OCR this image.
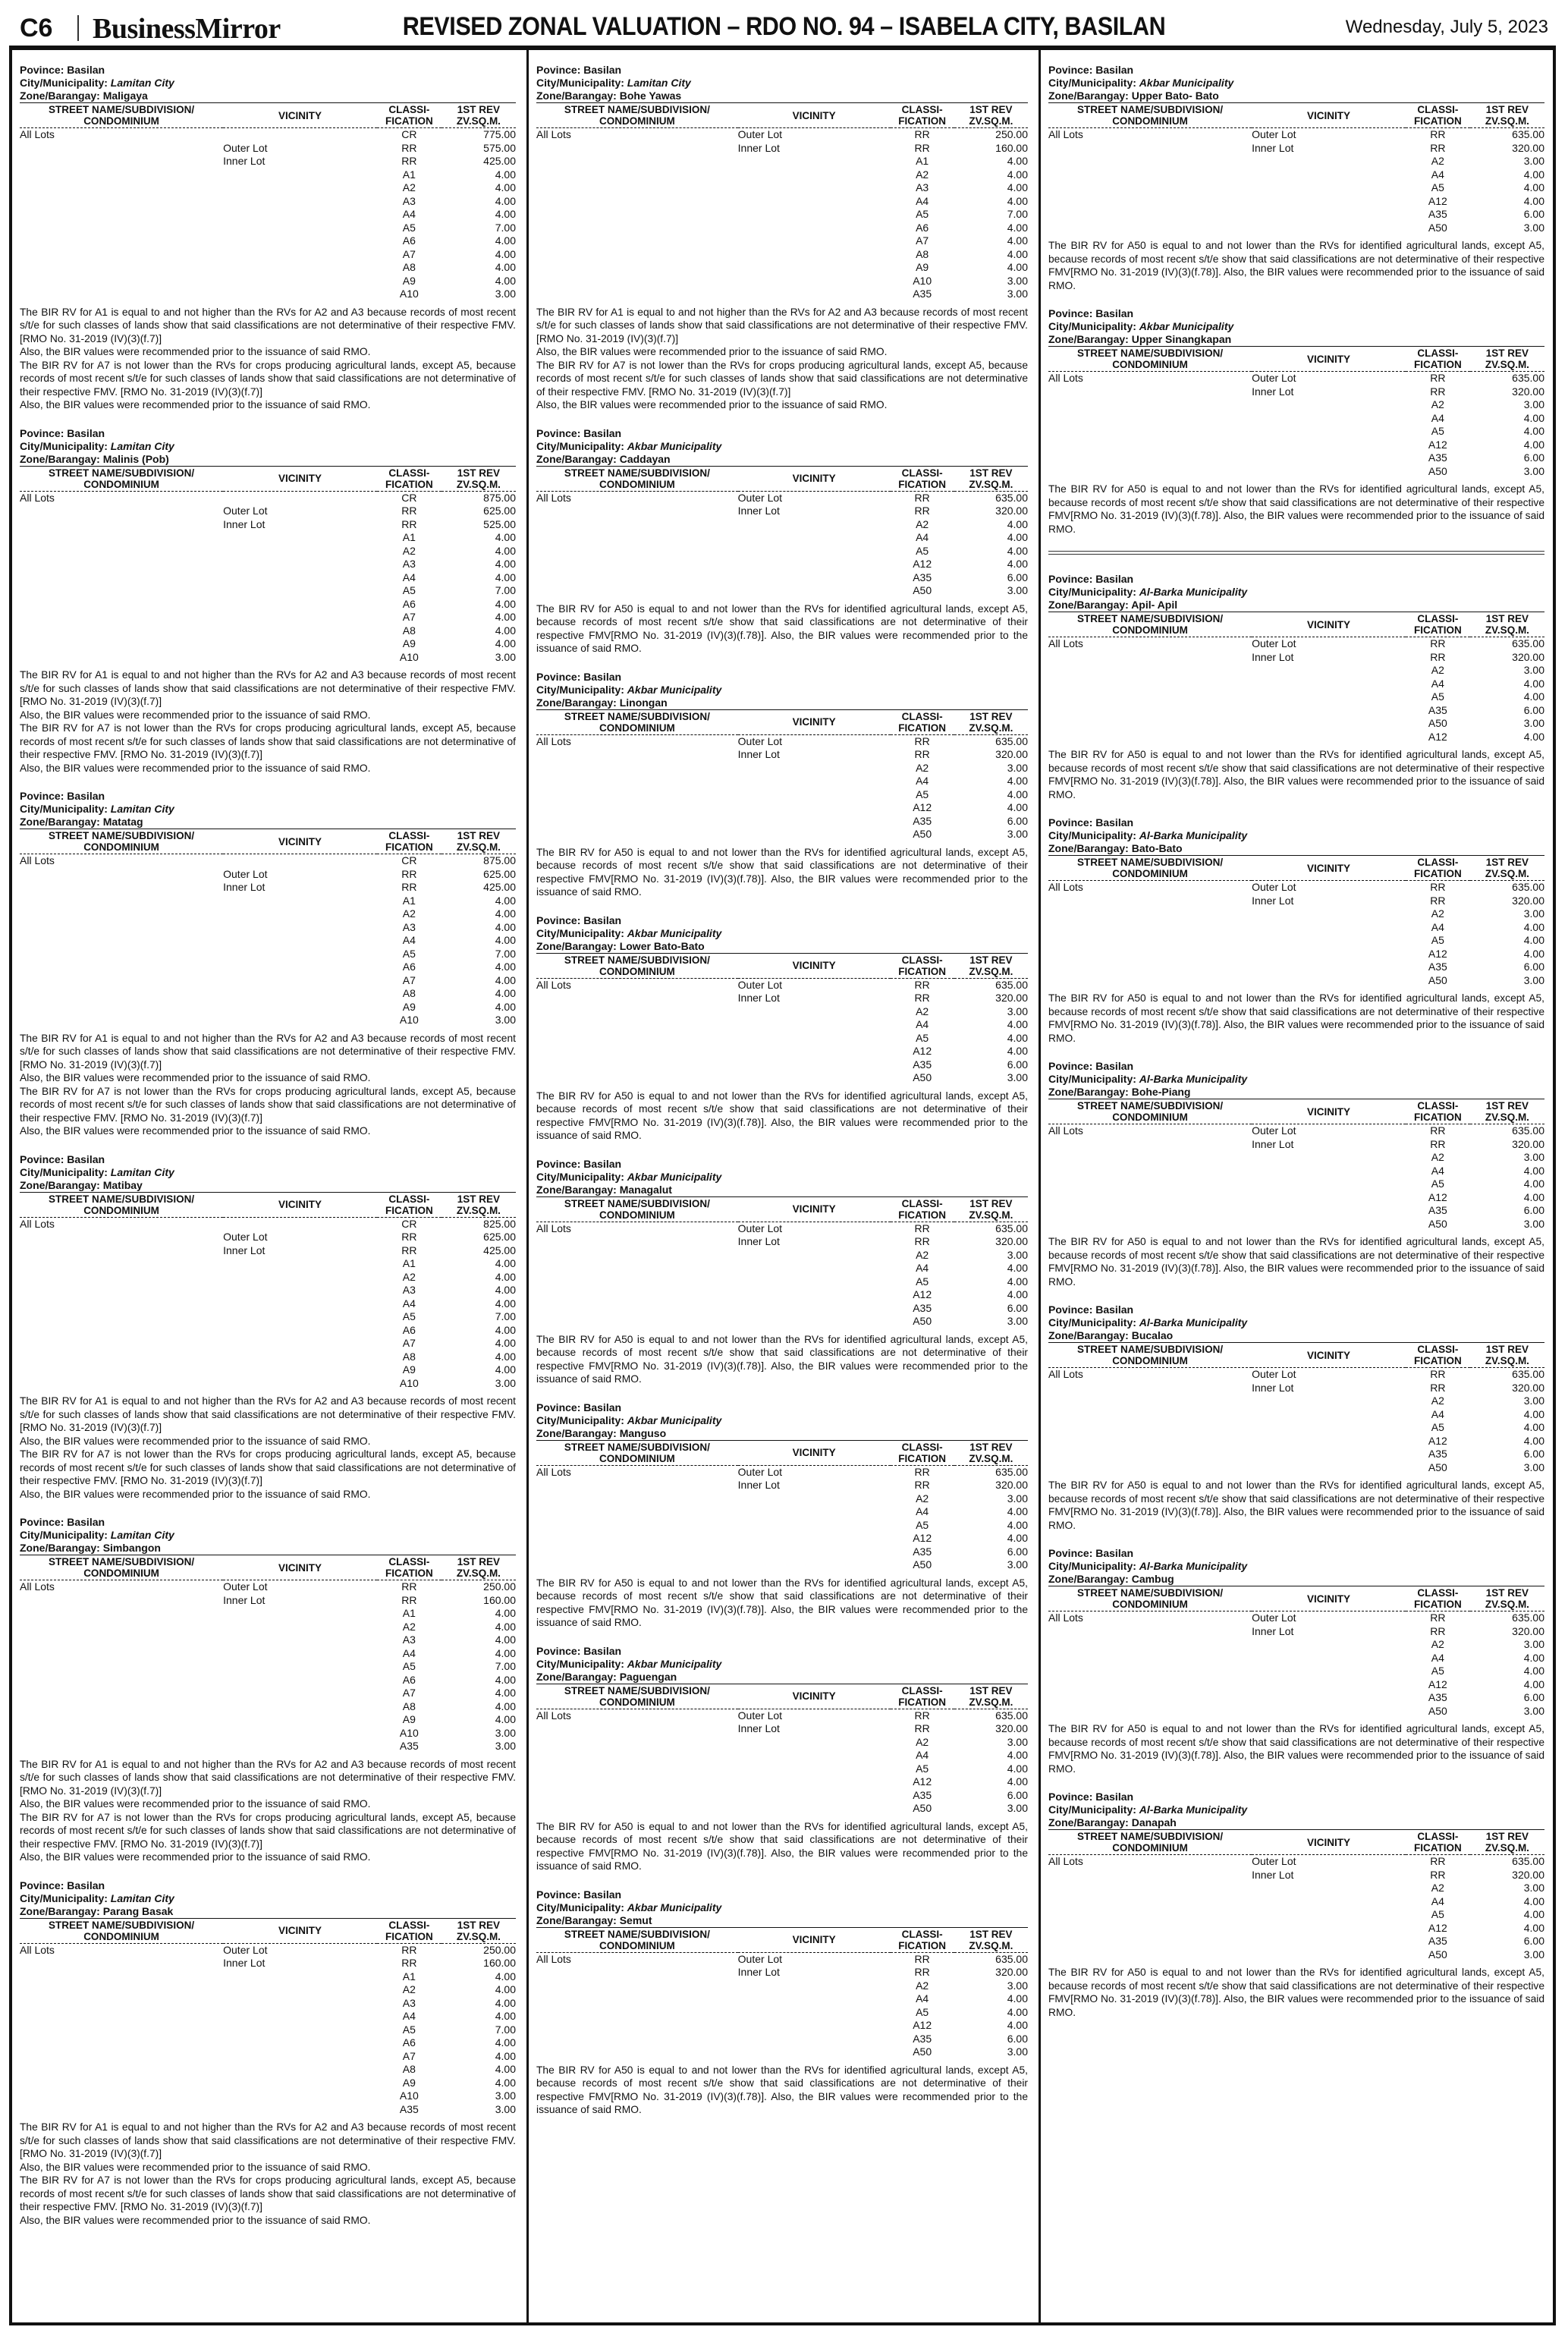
C6 BusinessMirror	REVISED ZONAL VALUATION – RDO NO. 94 – ISABELA CITY, BASILAN	Wednesday, July 5, 2023
Povince: Basilan
City/Municipality: Lamitan City
Zone/Barangay: Maligaya
STREET NAME/SUBDIVISION/ CONDOMINIUM	VICINITY	CLASSI- FICATION	1ST REV ZV.SQ.M.
All Lots		CR	775.00
	Outer Lot	RR	575.00
	Inner Lot	RR	425.00
		A1	4.00
		A2	4.00
		A3	4.00
		A4	4.00
		A5	7.00
		A6	4.00
		A7	4.00
		A8	4.00
		A9	4.00
		A10	3.00
The BIR RV for A1 is equal to and not higher than the RVs for A2 and A3 because records of most recent s/t/e for such classes of lands show that said classifications are not determinative of their respective FMV. [RMO No. 31-2019 (IV)(3)(f.7)]
Also, the BIR values were recommended prior to the issuance of said RMO.
The BIR RV for A7 is not lower than the RVs for crops producing agricultural lands, except A5, because records of most recent s/t/e for such classes of lands show that said classifications are not determinative of their respective FMV. [RMO No. 31-2019 (IV)(3)(f.7)]
Also, the BIR values were recommended prior to the issuance of said RMO.
Povince: Basilan
City/Municipality: Lamitan City
Zone/Barangay: Malinis (Pob)
STREET NAME/SUBDIVISION/ CONDOMINIUM	VICINITY	CLASSI- FICATION	1ST REV ZV.SQ.M.
All Lots		CR	875.00
	Outer Lot	RR	625.00
	Inner Lot	RR	525.00
		A1	4.00
		A2	4.00
		A3	4.00
		A4	4.00
		A5	7.00
		A6	4.00
		A7	4.00
		A8	4.00
		A9	4.00
		A10	3.00
The BIR RV for A1 is equal to and not higher than the RVs for A2 and A3 because records of most recent s/t/e for such classes of lands show that said classifications are not determinative of their respective FMV. [RMO No. 31-2019 (IV)(3)(f.7)]
Also, the BIR values were recommended prior to the issuance of said RMO.
The BIR RV for A7 is not lower than the RVs for crops producing agricultural lands, except A5, because records of most recent s/t/e for such classes of lands show that said classifications are not determinative of their respective FMV. [RMO No. 31-2019 (IV)(3)(f.7)]
Also, the BIR values were recommended prior to the issuance of said RMO.
Povince: Basilan
City/Municipality: Lamitan City
Zone/Barangay: Matatag
STREET NAME/SUBDIVISION/ CONDOMINIUM	VICINITY	CLASSI- FICATION	1ST REV ZV.SQ.M.
All Lots		CR	875.00
	Outer Lot	RR	625.00
	Inner Lot	RR	425.00
		A1	4.00
		A2	4.00
		A3	4.00
		A4	4.00
		A5	7.00
		A6	4.00
		A7	4.00
		A8	4.00
		A9	4.00
		A10	3.00
The BIR RV for A1 is equal to and not higher than the RVs for A2 and A3 because records of most recent s/t/e for such classes of lands show that said classifications are not determinative of their respective FMV. [RMO No. 31-2019 (IV)(3)(f.7)]
Also, the BIR values were recommended prior to the issuance of said RMO.
The BIR RV for A7 is not lower than the RVs for crops producing agricultural lands, except A5, because records of most recent s/t/e for such classes of lands show that said classifications are not determinative of their respective FMV. [RMO No. 31-2019 (IV)(3)(f.7)]
Also, the BIR values were recommended prior to the issuance of said RMO.
Povince: Basilan
City/Municipality: Lamitan City
Zone/Barangay: Matibay
STREET NAME/SUBDIVISION/ CONDOMINIUM	VICINITY	CLASSI- FICATION	1ST REV ZV.SQ.M.
All Lots		CR	825.00
	Outer Lot	RR	625.00
	Inner Lot	RR	425.00
		A1	4.00
		A2	4.00
		A3	4.00
		A4	4.00
		A5	7.00
		A6	4.00
		A7	4.00
		A8	4.00
		A9	4.00
		A10	3.00
The BIR RV for A1 is equal to and not higher than the RVs for A2 and A3 because records of most recent s/t/e for such classes of lands show that said classifications are not determinative of their respective FMV. [RMO No. 31-2019 (IV)(3)(f.7)]
Also, the BIR values were recommended prior to the issuance of said RMO.
The BIR RV for A7 is not lower than the RVs for crops producing agricultural lands, except A5, because records of most recent s/t/e for such classes of lands show that said classifications are not determinative of their respective FMV. [RMO No. 31-2019 (IV)(3)(f.7)]
Also, the BIR values were recommended prior to the issuance of said RMO.
Povince: Basilan
City/Municipality: Lamitan City
Zone/Barangay: Simbangon
STREET NAME/SUBDIVISION/ CONDOMINIUM	VICINITY	CLASSI- FICATION	1ST REV ZV.SQ.M.
All Lots	Outer Lot	RR	250.00
	Inner Lot	RR	160.00
		A1	4.00
		A2	4.00
		A3	4.00
		A4	4.00
		A5	7.00
		A6	4.00
		A7	4.00
		A8	4.00
		A9	4.00
		A10	3.00
		A35	3.00
The BIR RV for A1 is equal to and not higher than the RVs for A2 and A3 because records of most recent s/t/e for such classes of lands show that said classifications are not determinative of their respective FMV. [RMO No. 31-2019 (IV)(3)(f.7)]
Also, the BIR values were recommended prior to the issuance of said RMO.
The BIR RV for A7 is not lower than the RVs for crops producing agricultural lands, except A5, because records of most recent s/t/e for such classes of lands show that said classifications are not determinative of their respective FMV. [RMO No. 31-2019 (IV)(3)(f.7)]
Also, the BIR values were recommended prior to the issuance of said RMO.
Povince: Basilan
City/Municipality: Lamitan City
Zone/Barangay: Parang Basak
STREET NAME/SUBDIVISION/ CONDOMINIUM	VICINITY	CLASSI- FICATION	1ST REV ZV.SQ.M.
All Lots	Outer Lot	RR	250.00
	Inner Lot	RR	160.00
		A1	4.00
		A2	4.00
		A3	4.00
		A4	4.00
		A5	7.00
		A6	4.00
		A7	4.00
		A8	4.00
		A9	4.00
		A10	3.00
		A35	3.00
The BIR RV for A1 is equal to and not higher than the RVs for A2 and A3 because records of most recent s/t/e for such classes of lands show that said classifications are not determinative of their respective FMV. [RMO No. 31-2019 (IV)(3)(f.7)]
Also, the BIR values were recommended prior to the issuance of said RMO.
The BIR RV for A7 is not lower than the RVs for crops producing agricultural lands, except A5, because records of most recent s/t/e for such classes of lands show that said classifications are not determinative of their respective FMV. [RMO No. 31-2019 (IV)(3)(f.7)]
Also, the BIR values were recommended prior to the issuance of said RMO.
Povince: Basilan
City/Municipality: Lamitan City
Zone/Barangay: Bohe Yawas
STREET NAME/SUBDIVISION/ CONDOMINIUM	VICINITY	CLASSI- FICATION	1ST REV ZV.SQ.M.
All Lots	Outer Lot	RR	250.00
	Inner Lot	RR	160.00
		A1	4.00
		A2	4.00
		A3	4.00
		A4	4.00
		A5	7.00
		A6	4.00
		A7	4.00
		A8	4.00
		A9	4.00
		A10	3.00
		A35	3.00
The BIR RV for A1 is equal to and not higher than the RVs for A2 and A3 because records of most recent s/t/e for such classes of lands show that said classifications are not determinative of their respective FMV. [RMO No. 31-2019 (IV)(3)(f.7)]
Also, the BIR values were recommended prior to the issuance of said RMO.
The BIR RV for A7 is not lower than the RVs for crops producing agricultural lands, except A5, because records of most recent s/t/e for such classes of lands show that said classifications are not determinative of their respective FMV. [RMO No. 31-2019 (IV)(3)(f.7)]
Also, the BIR values were recommended prior to the issuance of said RMO.
Povince: Basilan
City/Municipality: Akbar Municipality
Zone/Barangay: Caddayan
STREET NAME/SUBDIVISION/ CONDOMINIUM	VICINITY	CLASSI- FICATION	1ST REV ZV.SQ.M.
All Lots	Outer Lot	RR	635.00
	Inner Lot	RR	320.00
		A2	4.00
		A4	4.00
		A5	4.00
		A12	4.00
		A35	6.00
		A50	3.00
The BIR RV for A50 is equal to and not lower than the RVs for identified agricultural lands, except A5, because records of most recent s/t/e show that said classifications are not determinative of their respective FMV[RMO No. 31-2019 (IV)(3)(f.78)]. Also, the BIR values were recommended prior to the issuance of said RMO.
Povince: Basilan
City/Municipality: Akbar Municipality
Zone/Barangay: Linongan
STREET NAME/SUBDIVISION/ CONDOMINIUM	VICINITY	CLASSI- FICATION	1ST REV ZV.SQ.M.
All Lots	Outer Lot	RR	635.00
	Inner Lot	RR	320.00
		A2	3.00
		A4	4.00
		A5	4.00
		A12	4.00
		A35	6.00
		A50	3.00
The BIR RV for A50 is equal to and not lower than the RVs for identified agricultural lands, except A5, because records of most recent s/t/e show that said classifications are not determinative of their respective FMV[RMO No. 31-2019 (IV)(3)(f.78)]. Also, the BIR values were recommended prior to the issuance of said RMO.
Povince: Basilan
City/Municipality: Akbar Municipality
Zone/Barangay: Lower Bato-Bato
STREET NAME/SUBDIVISION/ CONDOMINIUM	VICINITY	CLASSI- FICATION	1ST REV ZV.SQ.M.
All Lots	Outer Lot	RR	635.00
	Inner Lot	RR	320.00
		A2	3.00
		A4	4.00
		A5	4.00
		A12	4.00
		A35	6.00
		A50	3.00
The BIR RV for A50 is equal to and not lower than the RVs for identified agricultural lands, except A5, because records of most recent s/t/e show that said classifications are not determinative of their respective FMV[RMO No. 31-2019 (IV)(3)(f.78)]. Also, the BIR values were recommended prior to the issuance of said RMO.
Povince: Basilan
City/Municipality: Akbar Municipality
Zone/Barangay: Managalut
STREET NAME/SUBDIVISION/ CONDOMINIUM	VICINITY	CLASSI- FICATION	1ST REV ZV.SQ.M.
All Lots	Outer Lot	RR	635.00
	Inner Lot	RR	320.00
		A2	3.00
		A4	4.00
		A5	4.00
		A12	4.00
		A35	6.00
		A50	3.00
The BIR RV for A50 is equal to and not lower than the RVs for identified agricultural lands, except A5, because records of most recent s/t/e show that said classifications are not determinative of their respective FMV[RMO No. 31-2019 (IV)(3)(f.78)]. Also, the BIR values were recommended prior to the issuance of said RMO.
Povince: Basilan
City/Municipality: Akbar Municipality
Zone/Barangay: Manguso
STREET NAME/SUBDIVISION/ CONDOMINIUM	VICINITY	CLASSI- FICATION	1ST REV ZV.SQ.M.
All Lots	Outer Lot	RR	635.00
	Inner Lot	RR	320.00
		A2	3.00
		A4	4.00
		A5	4.00
		A12	4.00
		A35	6.00
		A50	3.00
The BIR RV for A50 is equal to and not lower than the RVs for identified agricultural lands, except A5, because records of most recent s/t/e show that said classifications are not determinative of their respective FMV[RMO No. 31-2019 (IV)(3)(f.78)]. Also, the BIR values were recommended prior to the issuance of said RMO.
Povince: Basilan
City/Municipality: Akbar Municipality
Zone/Barangay: Paguengan
STREET NAME/SUBDIVISION/ CONDOMINIUM	VICINITY	CLASSI- FICATION	1ST REV ZV.SQ.M.
All Lots	Outer Lot	RR	635.00
	Inner Lot	RR	320.00
		A2	3.00
		A4	4.00
		A5	4.00
		A12	4.00
		A35	6.00
		A50	3.00
The BIR RV for A50 is equal to and not lower than the RVs for identified agricultural lands, except A5, because records of most recent s/t/e show that said classifications are not determinative of their respective FMV[RMO No. 31-2019 (IV)(3)(f.78)]. Also, the BIR values were recommended prior to the issuance of said RMO.
Povince: Basilan
City/Municipality: Akbar Municipality
Zone/Barangay: Semut
STREET NAME/SUBDIVISION/ CONDOMINIUM	VICINITY	CLASSI- FICATION	1ST REV ZV.SQ.M.
All Lots	Outer Lot	RR	635.00
	Inner Lot	RR	320.00
		A2	3.00
		A4	4.00
		A5	4.00
		A12	4.00
		A35	6.00
		A50	3.00
The BIR RV for A50 is equal to and not lower than the RVs for identified agricultural lands, except A5, because records of most recent s/t/e show that said classifications are not determinative of their respective FMV[RMO No. 31-2019 (IV)(3)(f.78)]. Also, the BIR values were recommended prior to the issuance of said RMO.
Povince: Basilan
City/Municipality: Akbar Municipality
Zone/Barangay: Upper Bato- Bato
STREET NAME/SUBDIVISION/ CONDOMINIUM	VICINITY	CLASSI- FICATION	1ST REV ZV.SQ.M.
All Lots	Outer Lot	RR	635.00
	Inner Lot	RR	320.00
		A2	3.00
		A4	4.00
		A5	4.00
		A12	4.00
		A35	6.00
		A50	3.00
The BIR RV for A50 is equal to and not lower than the RVs for identified agricultural lands, except A5, because records of most recent s/t/e show that said classifications are not determinative of their respective FMV[RMO No. 31-2019 (IV)(3)(f.78)]. Also, the BIR values were recommended prior to the issuance of said RMO.
Povince: Basilan
City/Municipality: Akbar Municipality
Zone/Barangay: Upper Sinangkapan
STREET NAME/SUBDIVISION/ CONDOMINIUM	VICINITY	CLASSI- FICATION	1ST REV ZV.SQ.M.
All Lots	Outer Lot	RR	635.00
	Inner Lot	RR	320.00
		A2	3.00
		A4	4.00
		A5	4.00
		A12	4.00
		A35	6.00
		A50	3.00
The BIR RV for A50 is equal to and not lower than the RVs for identified agricultural lands, except A5, because records of most recent s/t/e show that said classifications are not determinative of their respective FMV[RMO No. 31-2019 (IV)(3)(f.78)]. Also, the BIR values were recommended prior to the issuance of said RMO.
Povince: Basilan
City/Municipality: Al-Barka Municipality
Zone/Barangay: Apil- Apil
STREET NAME/SUBDIVISION/ CONDOMINIUM	VICINITY	CLASSI- FICATION	1ST REV ZV.SQ.M.
All Lots	Outer Lot	RR	635.00
	Inner Lot	RR	320.00
		A2	3.00
		A4	4.00
		A5	4.00
		A35	6.00
		A50	3.00
		A12	4.00
The BIR RV for A50 is equal to and not lower than the RVs for identified agricultural lands, except A5, because records of most recent s/t/e show that said classifications are not determinative of their respective FMV[RMO No. 31-2019 (IV)(3)(f.78)]. Also, the BIR values were recommended prior to the issuance of said RMO.
Povince: Basilan
City/Municipality: Al-Barka Municipality
Zone/Barangay: Bato-Bato
STREET NAME/SUBDIVISION/ CONDOMINIUM	VICINITY	CLASSI- FICATION	1ST REV ZV.SQ.M.
All Lots	Outer Lot	RR	635.00
	Inner Lot	RR	320.00
		A2	3.00
		A4	4.00
		A5	4.00
		A12	4.00
		A35	6.00
		A50	3.00
The BIR RV for A50 is equal to and not lower than the RVs for identified agricultural lands, except A5, because records of most recent s/t/e show that said classifications are not determinative of their respective FMV[RMO No. 31-2019 (IV)(3)(f.78)]. Also, the BIR values were recommended prior to the issuance of said RMO.
Povince: Basilan
City/Municipality: Al-Barka Municipality
Zone/Barangay: Bohe-Piang
STREET NAME/SUBDIVISION/ CONDOMINIUM	VICINITY	CLASSI- FICATION	1ST REV ZV.SQ.M.
All Lots	Outer Lot	RR	635.00
	Inner Lot	RR	320.00
		A2	3.00
		A4	4.00
		A5	4.00
		A12	4.00
		A35	6.00
		A50	3.00
The BIR RV for A50 is equal to and not lower than the RVs for identified agricultural lands, except A5, because records of most recent s/t/e show that said classifications are not determinative of their respective FMV[RMO No. 31-2019 (IV)(3)(f.78)]. Also, the BIR values were recommended prior to the issuance of said RMO.
Povince: Basilan
City/Municipality: Al-Barka Municipality
Zone/Barangay: Bucalao
STREET NAME/SUBDIVISION/ CONDOMINIUM	VICINITY	CLASSI- FICATION	1ST REV ZV.SQ.M.
All Lots	Outer Lot	RR	635.00
	Inner Lot	RR	320.00
		A2	3.00
		A4	4.00
		A5	4.00
		A12	4.00
		A35	6.00
		A50	3.00
The BIR RV for A50 is equal to and not lower than the RVs for identified agricultural lands, except A5, because records of most recent s/t/e show that said classifications are not determinative of their respective FMV[RMO No. 31-2019 (IV)(3)(f.78)]. Also, the BIR values were recommended prior to the issuance of said RMO.
Povince: Basilan
City/Municipality: Al-Barka Municipality
Zone/Barangay: Cambug
STREET NAME/SUBDIVISION/ CONDOMINIUM	VICINITY	CLASSI- FICATION	1ST REV ZV.SQ.M.
All Lots	Outer Lot	RR	635.00
	Inner Lot	RR	320.00
		A2	3.00
		A4	4.00
		A5	4.00
		A12	4.00
		A35	6.00
		A50	3.00
The BIR RV for A50 is equal to and not lower than the RVs for identified agricultural lands, except A5, because records of most recent s/t/e show that said classifications are not determinative of their respective FMV[RMO No. 31-2019 (IV)(3)(f.78)]. Also, the BIR values were recommended prior to the issuance of said RMO.
Povince: Basilan
City/Municipality: Al-Barka Municipality
Zone/Barangay: Danapah
STREET NAME/SUBDIVISION/ CONDOMINIUM	VICINITY	CLASSI- FICATION	1ST REV ZV.SQ.M.
All Lots	Outer Lot	RR	635.00
	Inner Lot	RR	320.00
		A2	3.00
		A4	4.00
		A5	4.00
		A12	4.00
		A35	6.00
		A50	3.00
The BIR RV for A50 is equal to and not lower than the RVs for identified agricultural lands, except A5, because records of most recent s/t/e show that said classifications are not determinative of their respective FMV[RMO No. 31-2019 (IV)(3)(f.78)]. Also, the BIR values were recommended prior to the issuance of said RMO.
